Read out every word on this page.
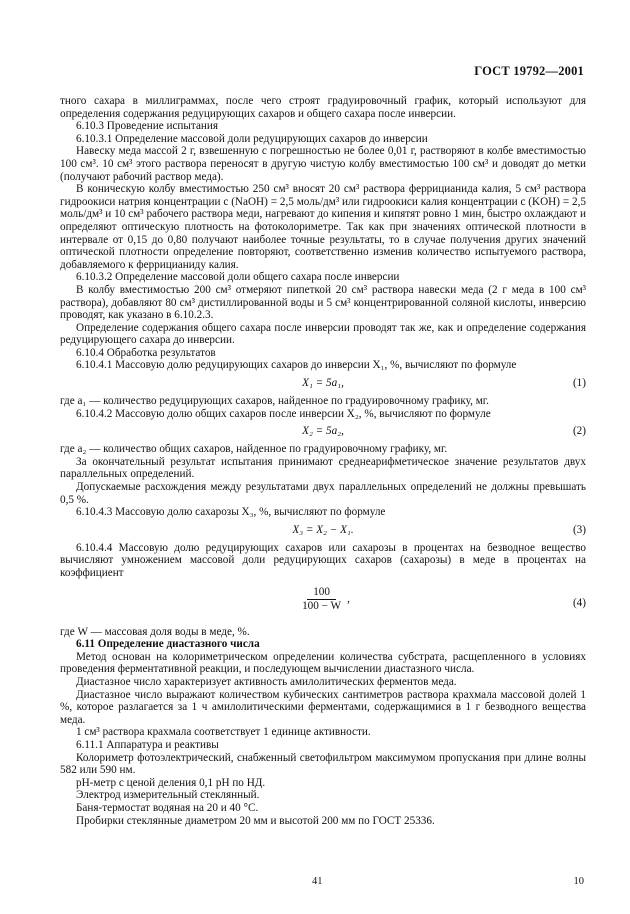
ГОСТ 19792—2001

тного сахара в миллиграммах, после чего строят градуировочный график, который используют для определения содержания редуцирующих сахаров и общего сахара после инверсии.

6.10.3 Проведение испытания

6.10.3.1 Определение массовой доли редуцирующих сахаров до инверсии

Навеску меда массой 2 г, взвешенную с погрешностью не более 0,01 г, растворяют в колбе вместимостью 100 см³. 10 см³ этого раствора переносят в другую чистую колбу вместимостью 100 см³ и доводят до метки (получают рабочий раствор меда).

В коническую колбу вместимостью 250 см³ вносят 20 см³ раствора феррицианида калия, 5 см³ раствора гидроокиси натрия концентрации c (NaOH) = 2,5 моль/дм³ или гидроокиси калия концентрации c (KOH) = 2,5 моль/дм³ и 10 см³ рабочего раствора меди, нагревают до кипения и кипятят ровно 1 мин, быстро охлаждают и определяют оптическую плотность на фотоколориметре. Так как при значениях оптической плотности в интервале от 0,15 до 0,80 получают наиболее точные результаты, то в случае получения других значений оптической плотности определение повторяют, соответственно изменив количество испытуемого раствора, добавляемого к феррицианиду калия.

6.10.3.2 Определение массовой доли общего сахара после инверсии

В колбу вместимостью 200 см³ отмеряют пипеткой 20 см³ раствора навески меда (2 г меда в 100 см³ раствора), добавляют 80 см³ дистиллированной воды и 5 см³ концентрированной соляной кислоты, инверсию проводят, как указано в 6.10.2.3.

Определение содержания общего сахара после инверсии проводят так же, как и определение содержания редуцирующего сахара до инверсии.

6.10.4 Обработка результатов

6.10.4.1 Массовую долю редуцирующих сахаров до инверсии X₁, %, вычисляют по формуле

X₁ = 5a₁,	(1)

где a₁ — количество редуцирующих сахаров, найденное по градуировочному графику, мг.

6.10.4.2 Массовую долю общих сахаров после инверсии X₂, %, вычисляют по формуле

X₂ = 5a₂,	(2)

где a₂ — количество общих сахаров, найденное по градуировочному графику, мг.

За окончательный результат испытания принимают среднеарифметическое значение результатов двух параллельных определений.

Допускаемые расхождения между результатами двух параллельных определений не должны превышать 0,5 %.

6.10.4.3 Массовую долю сахарозы X₃, %, вычисляют по формуле

X₃ = X₂ − X₁.	(3)

6.10.4.4 Массовую долю редуцирующих сахаров или сахарозы в процентах на безводное вещество вычисляют умножением массовой доли редуцирующих сахаров (сахарозы) в меде в процентах на коэффициент

$\frac{100}{100 - W}$ ,	(4)

где W — массовая доля воды в меде, %.

6.11 Определение диастазного числа

Метод основан на колориметрическом определении количества субстрата, расщепленного в условиях проведения ферментативной реакции, и последующем вычислении диастазного числа.

Диастазное число характеризует активность амилолитических ферментов меда.

Диастазное число выражают количеством кубических сантиметров раствора крахмала массовой долей 1 %, которое разлагается за 1 ч амилолитическими ферментами, содержащимися в 1 г безводного вещества меда.

1 см³ раствора крахмала соответствует 1 единице активности.

6.11.1 Аппаратура и реактивы

Колориметр фотоэлектрический, снабженный светофильтром максимумом пропускания при длине волны 582 или 590 нм.

рН-метр с ценой деления 0,1 рН по НД.

Электрод измерительный стеклянный.

Баня-термостат водяная на 20 и 40 °С.

Пробирки стеклянные диаметром 20 мм и высотой 200 мм по ГОСТ 25336.

41	10
